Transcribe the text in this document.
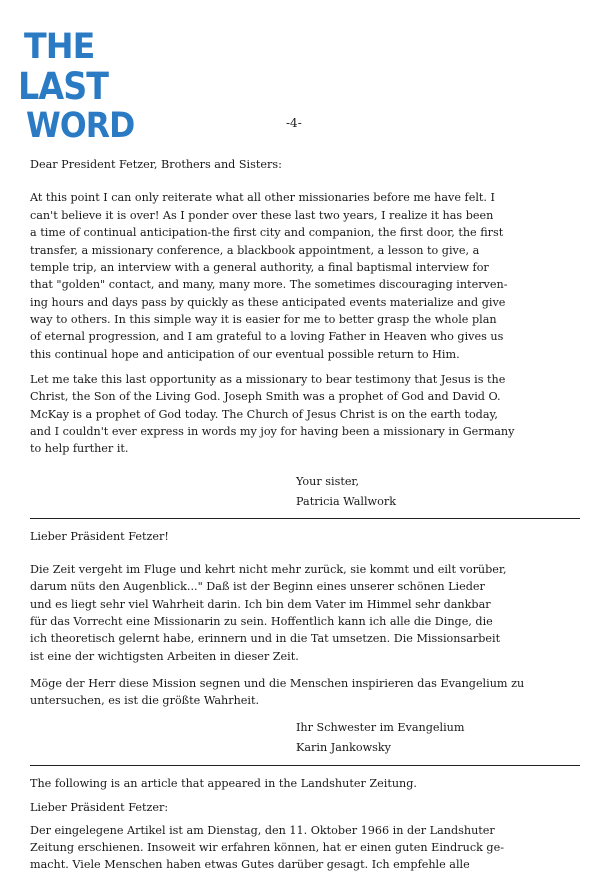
THE
LAST
WORD	-4-
Dear President Fetzer, Brothers and Sisters:
At this point I can only reiterate what all other missionaries before me have felt. I
can't believe it is over! As I ponder over these last two years, I realize it has been
a time of continual anticipation-the first city and companion, the first door, the first
transfer, a missionary conference, a blackbook appointment, a lesson to give, a
temple trip, an interview with a general authority, a final baptismal interview for
that "golden" contact, and many, many more. The sometimes discouraging interven-
ing hours and days pass by quickly as these anticipated events materialize and give
way to others. In this simple way it is easier for me to better grasp the whole plan
of eternal progression, and I am grateful to a loving Father in Heaven who gives us
this continual hope and anticipation of our eventual possible return to Him.
Let me take this last opportunity as a missionary to bear testimony that Jesus is the
Christ, the Son of the Living God. Joseph Smith was a prophet of God and David O.
McKay is a prophet of God today. The Church of Jesus Christ is on the earth today,
and I couldn't ever express in words my joy for having been a missionary in Germany
to help further it.
Your sister,
Patricia Wallwork
Lieber Präsident Fetzer!
Die Zeit vergeht im Fluge und kehrt nicht mehr zurück, sie kommt und eilt vorüber,
darum nüts den Augenblick..." Daß ist der Beginn eines unserer schönen Lieder
und es liegt sehr viel Wahrheit darin. Ich bin dem Vater im Himmel sehr dankbar
für das Vorrecht eine Missionarin zu sein. Hoffentlich kann ich alle die Dinge, die
ich theoretisch gelernt habe, erinnern und in die Tat umsetzen. Die Missionsarbeit
ist eine der wichtigsten Arbeiten in dieser Zeit.
Möge der Herr diese Mission segnen und die Menschen inspirieren das Evangelium zu
untersuchen, es ist die größte Wahrheit.
Ihr Schwester im Evangelium
Karin Jankowsky
The following is an article that appeared in the Landshuter Zeitung.
Lieber Präsident Fetzer:
Der eingelegene Artikel ist am Dienstag, den 11. Oktober 1966 in der Landshuter
Zeitung erschienen. Insoweit wir erfahren können, hat er einen guten Eindruck ge-
macht. Viele Menschen haben etwas Gutes darüber gesagt. Ich empfehle alle
